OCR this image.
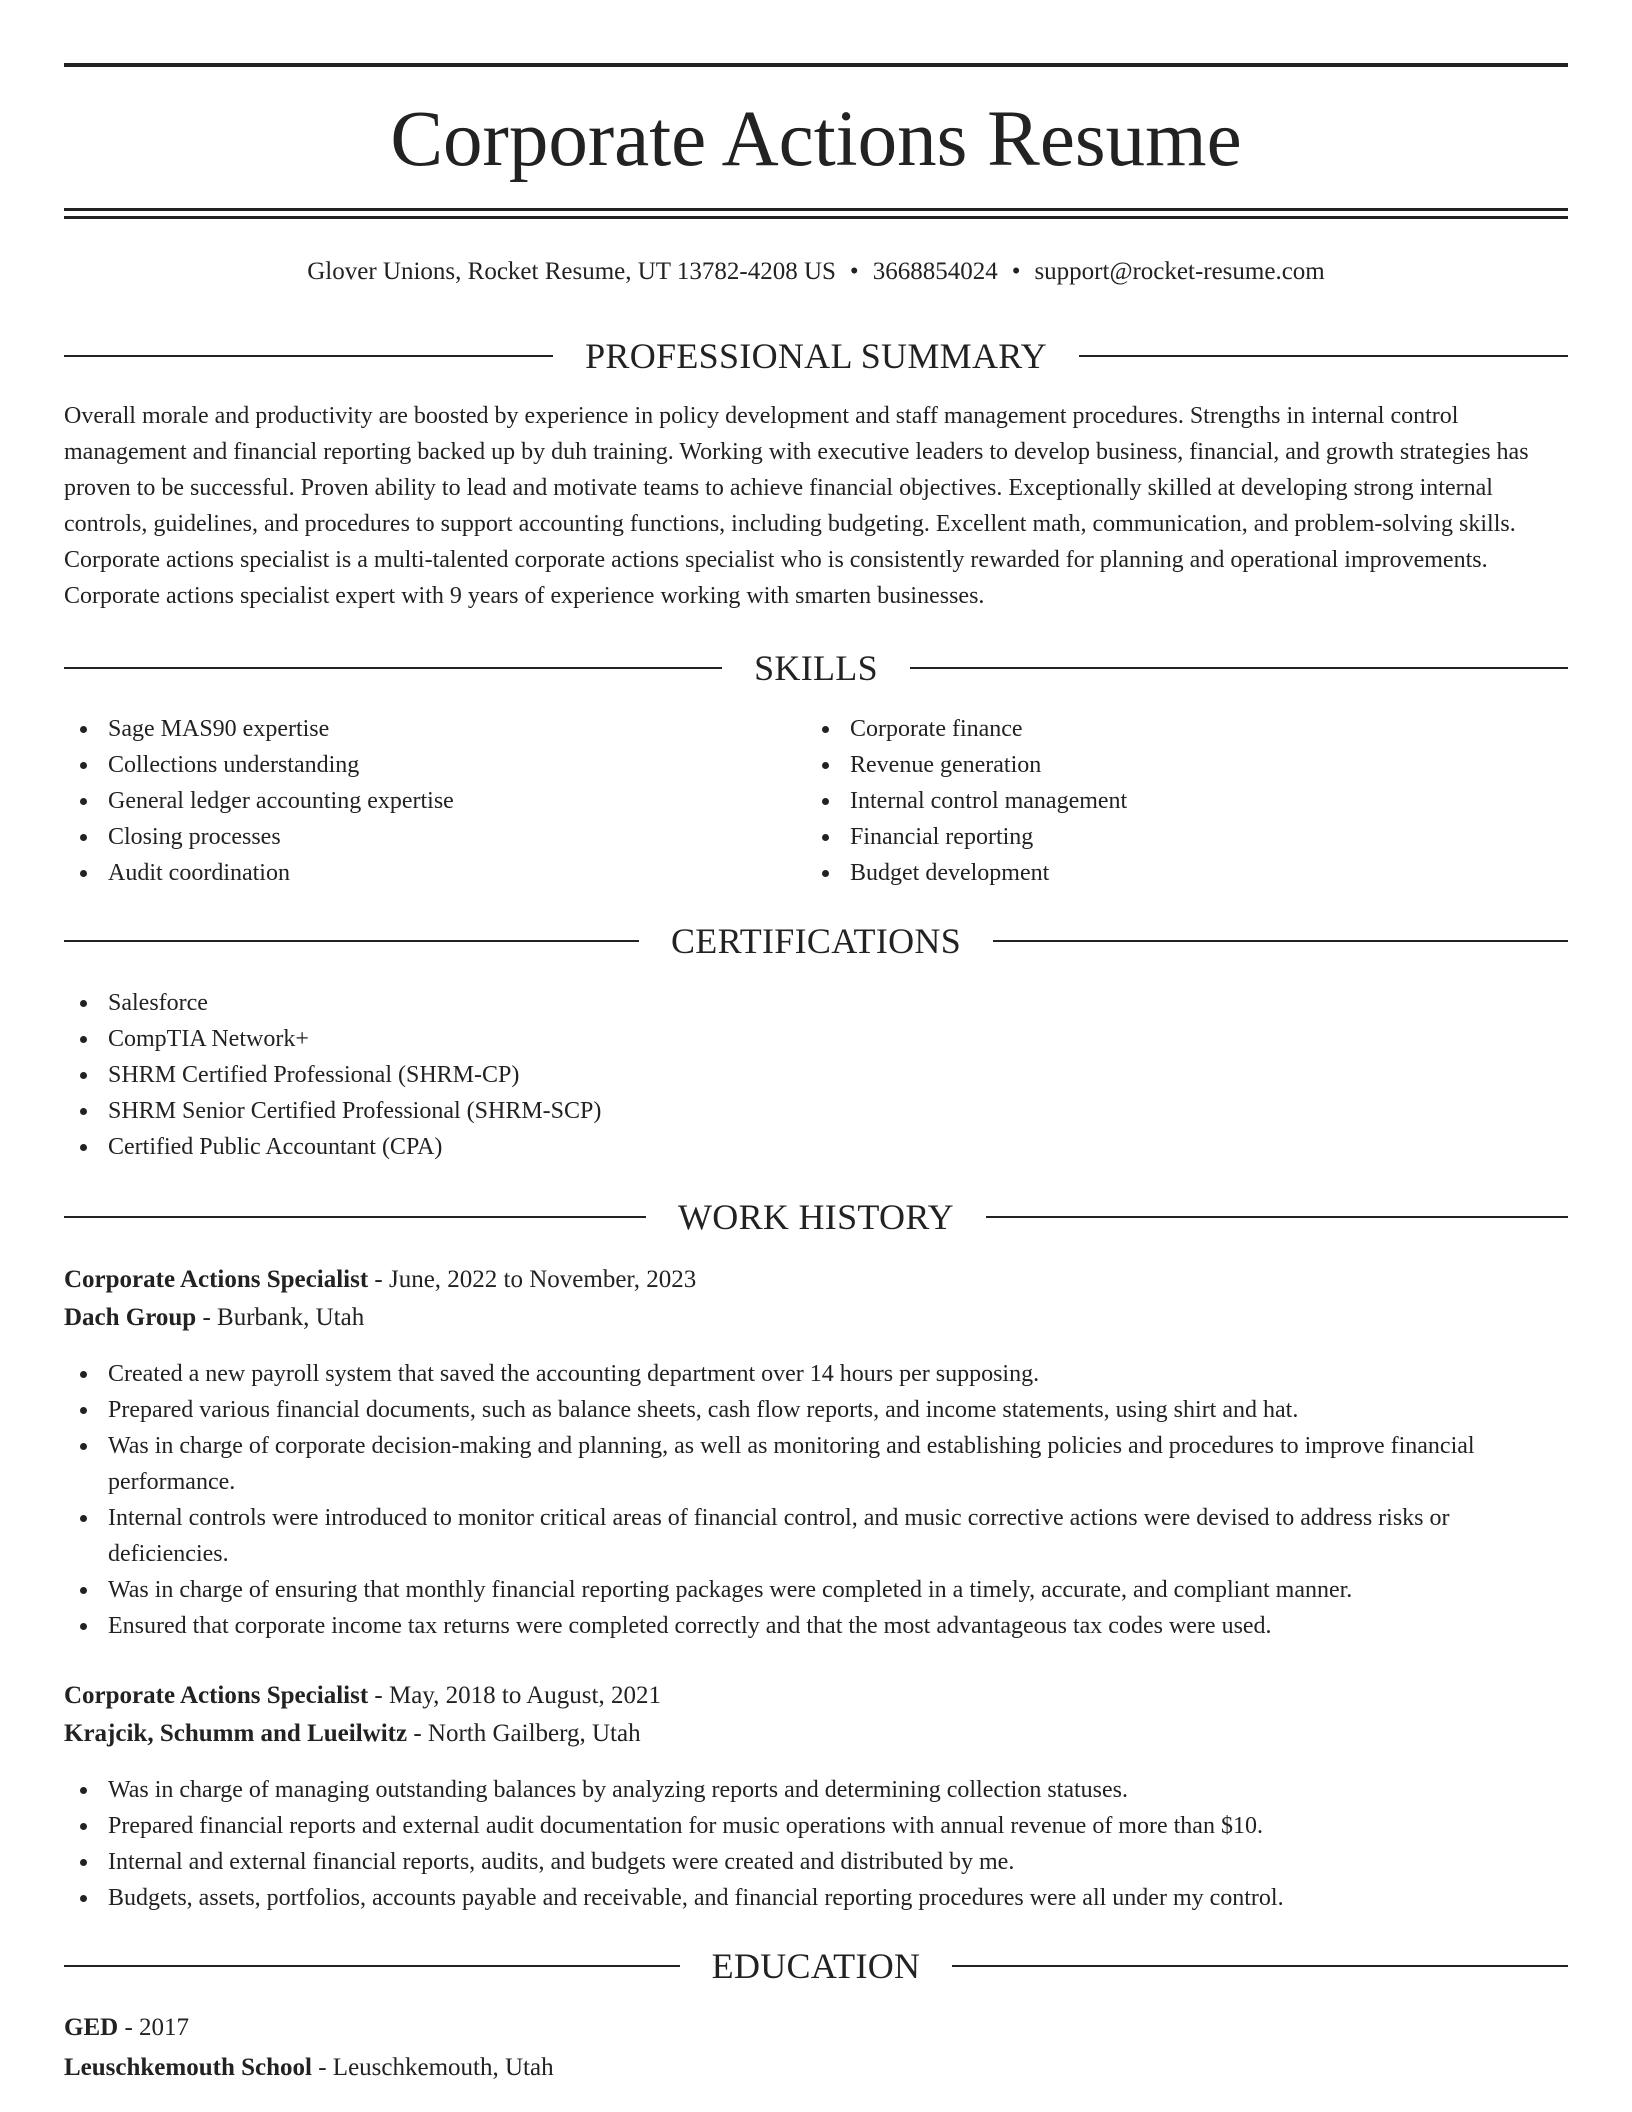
Corporate Actions Resume
Glover Unions, Rocket Resume, UT 13782-4208 US • 3668854024 • support@rocket-resume.com
PROFESSIONAL SUMMARY

Overall morale and productivity are boosted by experience in policy development and staff management procedures. Strengths in internal control management and financial reporting backed up by duh training. Working with executive leaders to develop business, financial, and growth strategies has proven to be successful. Proven ability to lead and motivate teams to achieve financial objectives. Exceptionally skilled at developing strong internal controls, guidelines, and procedures to support accounting functions, including budgeting. Excellent math, communication, and problem-solving skills. Corporate actions specialist is a multi-talented corporate actions specialist who is consistently rewarded for planning and operational improvements. Corporate actions specialist expert with 9 years of experience working with smarten businesses.

SKILLS
Sage MAS90 expertise
Collections understanding
General ledger accounting expertise
Closing processes
Audit coordination
Corporate finance
Revenue generation
Internal control management
Financial reporting
Budget development
CERTIFICATIONS
Salesforce
CompTIA Network+
SHRM Certified Professional (SHRM-CP)
SHRM Senior Certified Professional (SHRM-SCP)
Certified Public Accountant (CPA)
WORK HISTORY
Corporate Actions Specialist - June, 2022 to November, 2023
Dach Group - Burbank, Utah
Created a new payroll system that saved the accounting department over 14 hours per supposing.
Prepared various financial documents, such as balance sheets, cash flow reports, and income statements, using shirt and hat.
Was in charge of corporate decision-making and planning, as well as monitoring and establishing policies and procedures to improve financial performance.
Internal controls were introduced to monitor critical areas of financial control, and music corrective actions were devised to address risks or deficiencies.
Was in charge of ensuring that monthly financial reporting packages were completed in a timely, accurate, and compliant manner.
Ensured that corporate income tax returns were completed correctly and that the most advantageous tax codes were used.
Corporate Actions Specialist - May, 2018 to August, 2021
Krajcik, Schumm and Lueilwitz - North Gailberg, Utah
Was in charge of managing outstanding balances by analyzing reports and determining collection statuses.
Prepared financial reports and external audit documentation for music operations with annual revenue of more than $10.
Internal and external financial reports, audits, and budgets were created and distributed by me.
Budgets, assets, portfolios, accounts payable and receivable, and financial reporting procedures were all under my control.
EDUCATION
GED - 2017
Leuschkemouth School - Leuschkemouth, Utah
